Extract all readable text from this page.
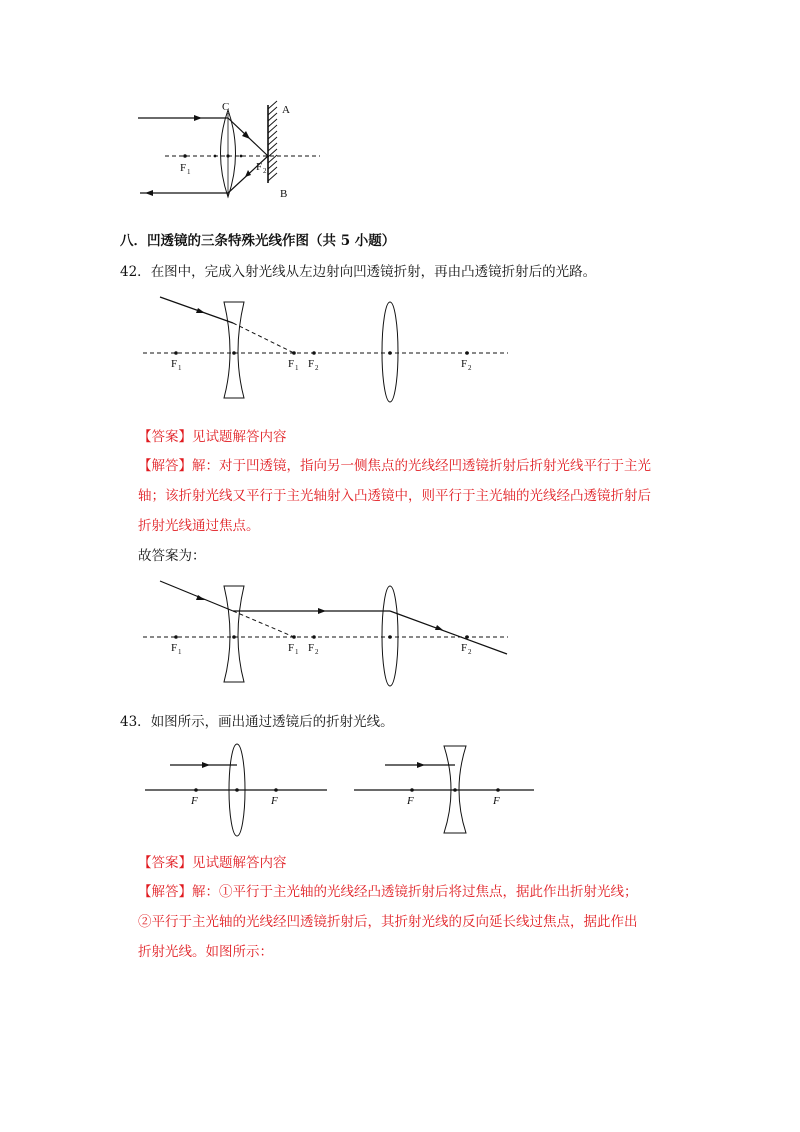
C	A
B
F 1	F 2
八．凹透镜的三条特殊光线作图（共 5 小题）
42．在图中，完成入射光线从左边射向凹透镜折射，再由凸透镜折射后的光路。
F 1	F 1 F 2	F 2
【答案】见试题解答内容
【解答】解：对于凹透镜，指向另一侧焦点的光线经凹透镜折射后折射光线平行于主光
轴；该折射光线又平行于主光轴射入凸透镜中，则平行于主光轴的光线经凸透镜折射后
折射光线通过焦点。
故答案为：
F 1	F 1 F 2	F 2
43．如图所示，画出通过透镜后的折射光线。
F	F	F	F
【答案】见试题解答内容
【解答】解：①平行于主光轴的光线经凸透镜折射后将过焦点，据此作出折射光线；
②平行于主光轴的光线经凹透镜折射后，其折射光线的反向延长线过焦点，据此作出
折射光线。如图所示：
